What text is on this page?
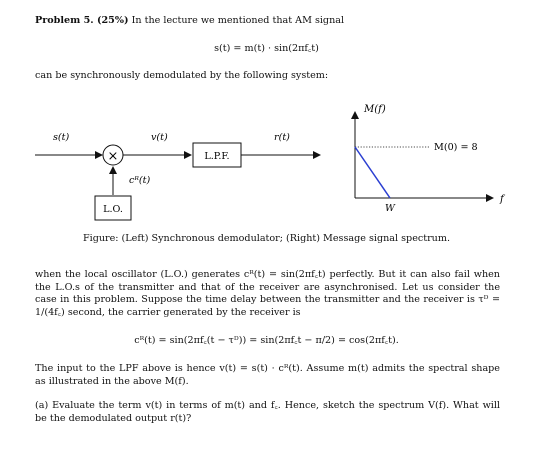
Problem 5. (25%) In the lecture we mentioned that AM signal
s(t) = m(t) · sin(2πf꜀t)
can be synchronously demodulated by the following system:
s(t)	v(t)	r(t)
×	L.P.F.
cᴿ(t)
L.O.
M(f)
M(0) = 8
W
f
Figure: (Left) Synchronous demodulator; (Right) Message signal spectrum.
when the local oscillator (L.O.) generates cᴿ(t) = sin(2πf꜀t) perfectly. But it can also fail when the L.O.s of the transmitter and that of the receiver are asynchronised. Let us consider the case in this problem. Suppose the time delay between the transmitter and the receiver is τᴰ = 1/(4f꜀) second, the carrier generated by the receiver is
cᴿ(t) = sin(2πf꜀(t − τᴰ)) = sin(2πf꜀t − π/2) = cos(2πf꜀t).
The input to the LPF above is hence v(t) = s(t) · cᴿ(t). Assume m(t) admits the spectral shape as illustrated in the above M(f).
(a) Evaluate the term v(t) in terms of m(t) and f꜀. Hence, sketch the spectrum V(f). What will be the demodulated output r(t)?
